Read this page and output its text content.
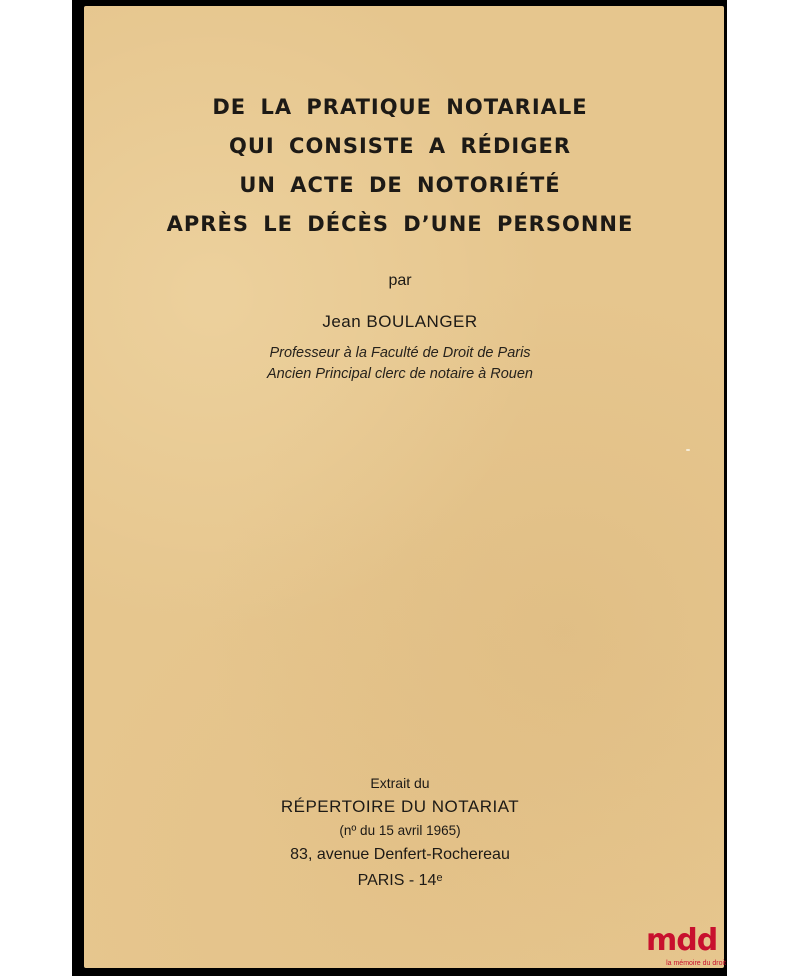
DE LA PRATIQUE NOTARIALE
QUI CONSISTE A RÉDIGER
UN ACTE DE NOTORIÉTÉ
APRÈS LE DÉCÈS D’UNE PERSONNE
par
Jean BOULANGER
Professeur à la Faculté de Droit de Paris
Ancien Principal clerc de notaire à Rouen
Extrait du
RÉPERTOIRE DU NOTARIAT
(nº du 15 avril 1965)
83, avenue Denfert-Rochereau
PARIS - 14ᵉ
mdd
la mémoire du droit
